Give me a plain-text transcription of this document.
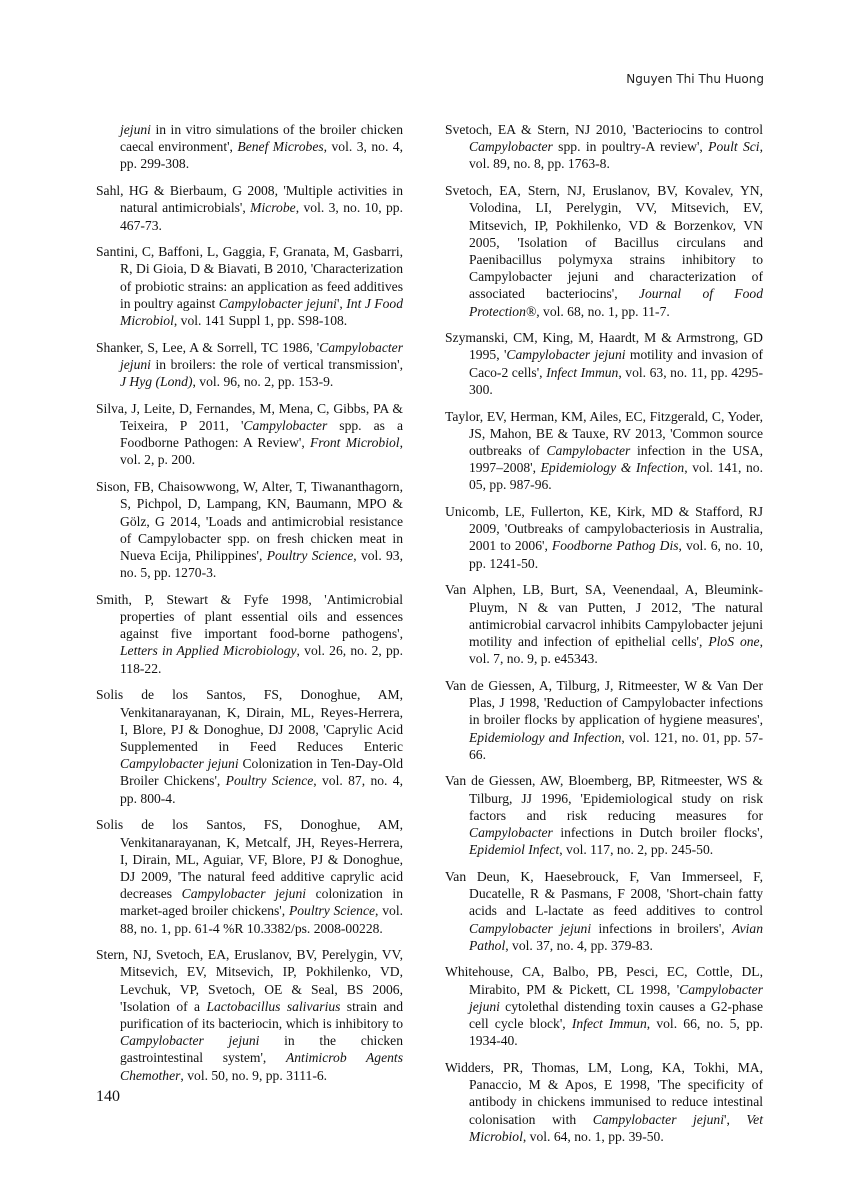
Nguyen Thi Thu Huong

jejuni in in vitro simulations of the broiler chicken caecal environment', Benef Microbes, vol. 3, no. 4, pp. 299-308.

Sahl, HG & Bierbaum, G 2008, 'Multiple activities in natural antimicrobials', Microbe, vol. 3, no. 10, pp. 467-73.

Santini, C, Baffoni, L, Gaggia, F, Granata, M, Gasbarri, R, Di Gioia, D & Biavati, B 2010, 'Characterization of probiotic strains: an application as feed additives in poultry against Campylobacter jejuni', Int J Food Microbiol, vol. 141 Suppl 1, pp. S98-108.

Shanker, S, Lee, A & Sorrell, TC 1986, 'Campylobacter jejuni in broilers: the role of vertical transmission', J Hyg (Lond), vol. 96, no. 2, pp. 153-9.

Silva, J, Leite, D, Fernandes, M, Mena, C, Gibbs, PA & Teixeira, P 2011, 'Campylobacter spp. as a Foodborne Pathogen: A Review', Front Microbiol, vol. 2, p. 200.

Sison, FB, Chaisowwong, W, Alter, T, Tiwananthagorn, S, Pichpol, D, Lampang, KN, Baumann, MPO & Gölz, G 2014, 'Loads and antimicrobial resistance of Campylobacter spp. on fresh chicken meat in Nueva Ecija, Philippines', Poultry Science, vol. 93, no. 5, pp. 1270-3.

Smith, P, Stewart & Fyfe 1998, 'Antimicrobial properties of plant essential oils and essences against five important food-borne pathogens', Letters in Applied Microbiology, vol. 26, no. 2, pp. 118-22.

Solis de los Santos, FS, Donoghue, AM, Venkitanarayanan, K, Dirain, ML, Reyes-Herrera, I, Blore, PJ & Donoghue, DJ 2008, 'Caprylic Acid Supplemented in Feed Reduces Enteric Campylobacter jejuni Colonization in Ten-Day-Old Broiler Chickens', Poultry Science, vol. 87, no. 4, pp. 800-4.

Solis de los Santos, FS, Donoghue, AM, Venkitanarayanan, K, Metcalf, JH, Reyes-Herrera, I, Dirain, ML, Aguiar, VF, Blore, PJ & Donoghue, DJ 2009, 'The natural feed additive caprylic acid decreases Campylobacter jejuni colonization in market-aged broiler chickens', Poultry Science, vol. 88, no. 1, pp. 61-4 %R 10.3382/ps. 2008-00228.

Stern, NJ, Svetoch, EA, Eruslanov, BV, Perelygin, VV, Mitsevich, EV, Mitsevich, IP, Pokhilenko, VD, Levchuk, VP, Svetoch, OE & Seal, BS 2006, 'Isolation of a Lactobacillus salivarius strain and purification of its bacteriocin, which is inhibitory to Campylobacter jejuni in the chicken gastrointestinal system', Antimicrob Agents Chemother, vol. 50, no. 9, pp. 3111-6.

Svetoch, EA & Stern, NJ 2010, 'Bacteriocins to control Campylobacter spp. in poultry-A review', Poult Sci, vol. 89, no. 8, pp. 1763-8.

Svetoch, EA, Stern, NJ, Eruslanov, BV, Kovalev, YN, Volodina, LI, Perelygin, VV, Mitsevich, EV, Mitsevich, IP, Pokhilenko, VD & Borzenkov, VN 2005, 'Isolation of Bacillus circulans and Paenibacillus polymyxa strains inhibitory to Campylobacter jejuni and characterization of associated bacteriocins', Journal of Food Protection®, vol. 68, no. 1, pp. 11-7.

Szymanski, CM, King, M, Haardt, M & Armstrong, GD 1995, 'Campylobacter jejuni motility and invasion of Caco-2 cells', Infect Immun, vol. 63, no. 11, pp. 4295-300.

Taylor, EV, Herman, KM, Ailes, EC, Fitzgerald, C, Yoder, JS, Mahon, BE & Tauxe, RV 2013, 'Common source outbreaks of Campylobacter infection in the USA, 1997–2008', Epidemiology & Infection, vol. 141, no. 05, pp. 987-96.

Unicomb, LE, Fullerton, KE, Kirk, MD & Stafford, RJ 2009, 'Outbreaks of campylobacteriosis in Australia, 2001 to 2006', Foodborne Pathog Dis, vol. 6, no. 10, pp. 1241-50.

Van Alphen, LB, Burt, SA, Veenendaal, A, Bleumink-Pluym, N & van Putten, J 2012, 'The natural antimicrobial carvacrol inhibits Campylobacter jejuni motility and infection of epithelial cells', PloS one, vol. 7, no. 9, p. e45343.

Van de Giessen, A, Tilburg, J, Ritmeester, W & Van Der Plas, J 1998, 'Reduction of Campylobacter infections in broiler flocks by application of hygiene measures', Epidemiology and Infection, vol. 121, no. 01, pp. 57-66.

Van de Giessen, AW, Bloemberg, BP, Ritmeester, WS & Tilburg, JJ 1996, 'Epidemiological study on risk factors and risk reducing measures for Campylobacter infections in Dutch broiler flocks', Epidemiol Infect, vol. 117, no. 2, pp. 245-50.

Van Deun, K, Haesebrouck, F, Van Immerseel, F, Ducatelle, R & Pasmans, F 2008, 'Short-chain fatty acids and L-lactate as feed additives to control Campylobacter jejuni infections in broilers', Avian Pathol, vol. 37, no. 4, pp. 379-83.

Whitehouse, CA, Balbo, PB, Pesci, EC, Cottle, DL, Mirabito, PM & Pickett, CL 1998, 'Campylobacter jejuni cytolethal distending toxin causes a G2-phase cell cycle block', Infect Immun, vol. 66, no. 5, pp. 1934-40.

Widders, PR, Thomas, LM, Long, KA, Tokhi, MA, Panaccio, M & Apos, E 1998, 'The specificity of antibody in chickens immunised to reduce intestinal colonisation with Campylobacter jejuni', Vet Microbiol, vol. 64, no. 1, pp. 39-50.

140
